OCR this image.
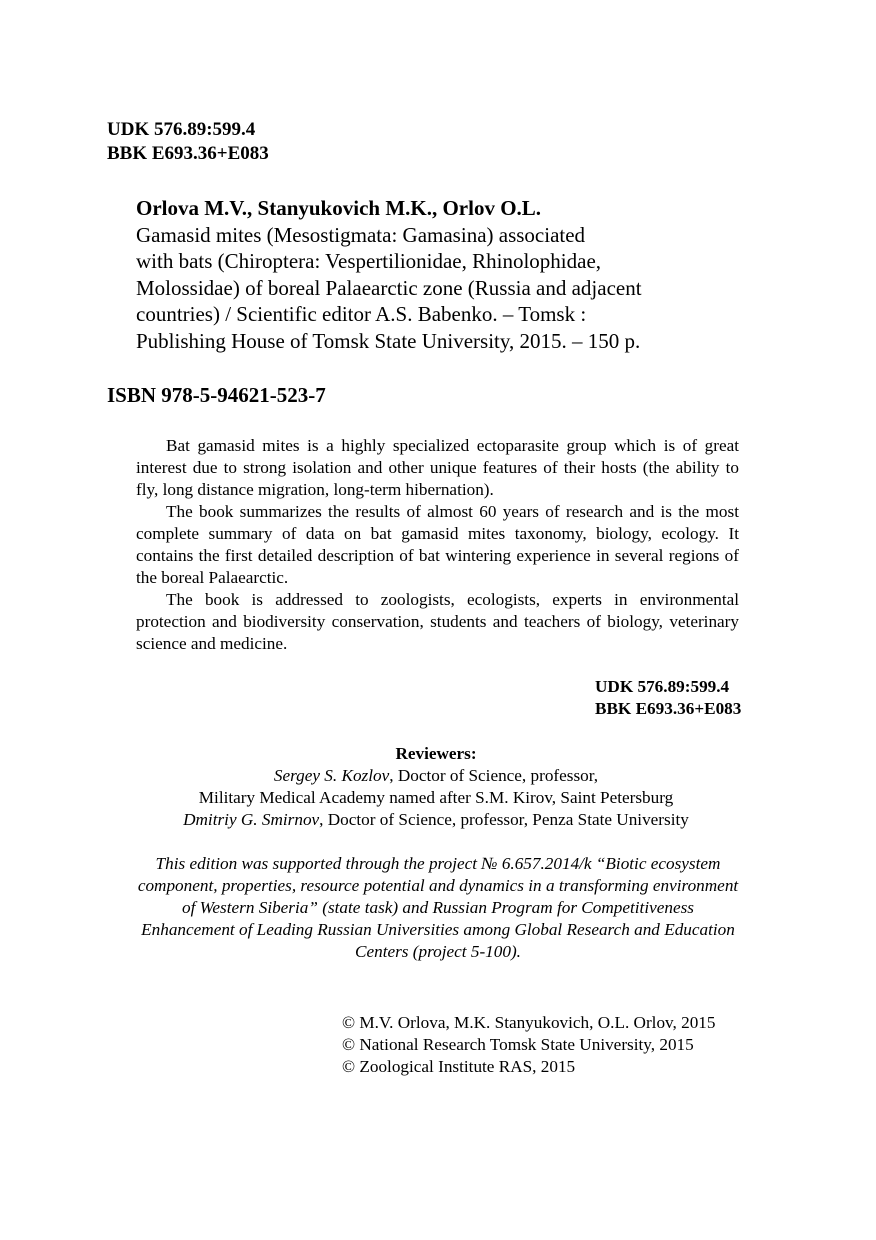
UDK 576.89:599.4
BBK E693.36+E083
Orlova M.V., Stanyukovich M.K., Orlov O.L.
Gamasid mites (Mesostigmata: Gamasina) associated
with bats (Chiroptera: Vespertilionidae, Rhinolophidae,
Molossidae) of boreal Palaearctic zone (Russia and adjacent
countries) / Scientific editor A.S. Babenko. – Tomsk :
Publishing House of Tomsk State University, 2015. – 150 p.
ISBN 978-5-94621-523-7

Bat gamasid mites is a highly specialized ectoparasite group which is of great interest due to strong isolation and other unique features of their hosts (the ability to fly, long distance migration, long-term hibernation).

The book summarizes the results of almost 60 years of research and is the most complete summary of data on bat gamasid mites taxonomy, biology, ecology. It contains the first detailed description of bat wintering experience in several regions of the boreal Palaearctic.

The book is addressed to zoologists, ecologists, experts in environmental protection and biodiversity conservation, students and teachers of biology, veterinary science and medicine.

UDK 576.89:599.4
BBK E693.36+E083
Reviewers:
Sergey S. Kozlov, Doctor of Science, professor,
Military Medical Academy named after S.M. Kirov, Saint Petersburg
Dmitriy G. Smirnov, Doctor of Science, professor, Penza State University
This edition was supported through the project № 6.657.2014/k “Biotic ecosystem
component, properties, resource potential and dynamics in a transforming environment
of Western Siberia” (state task) and Russian Program for Competitiveness
Enhancement of Leading Russian Universities among Global Research and Education
Centers (project 5-100).
© M.V. Orlova, M.K. Stanyukovich, O.L. Orlov, 2015
© National Research Tomsk State University, 2015
© Zoological Institute RAS, 2015
